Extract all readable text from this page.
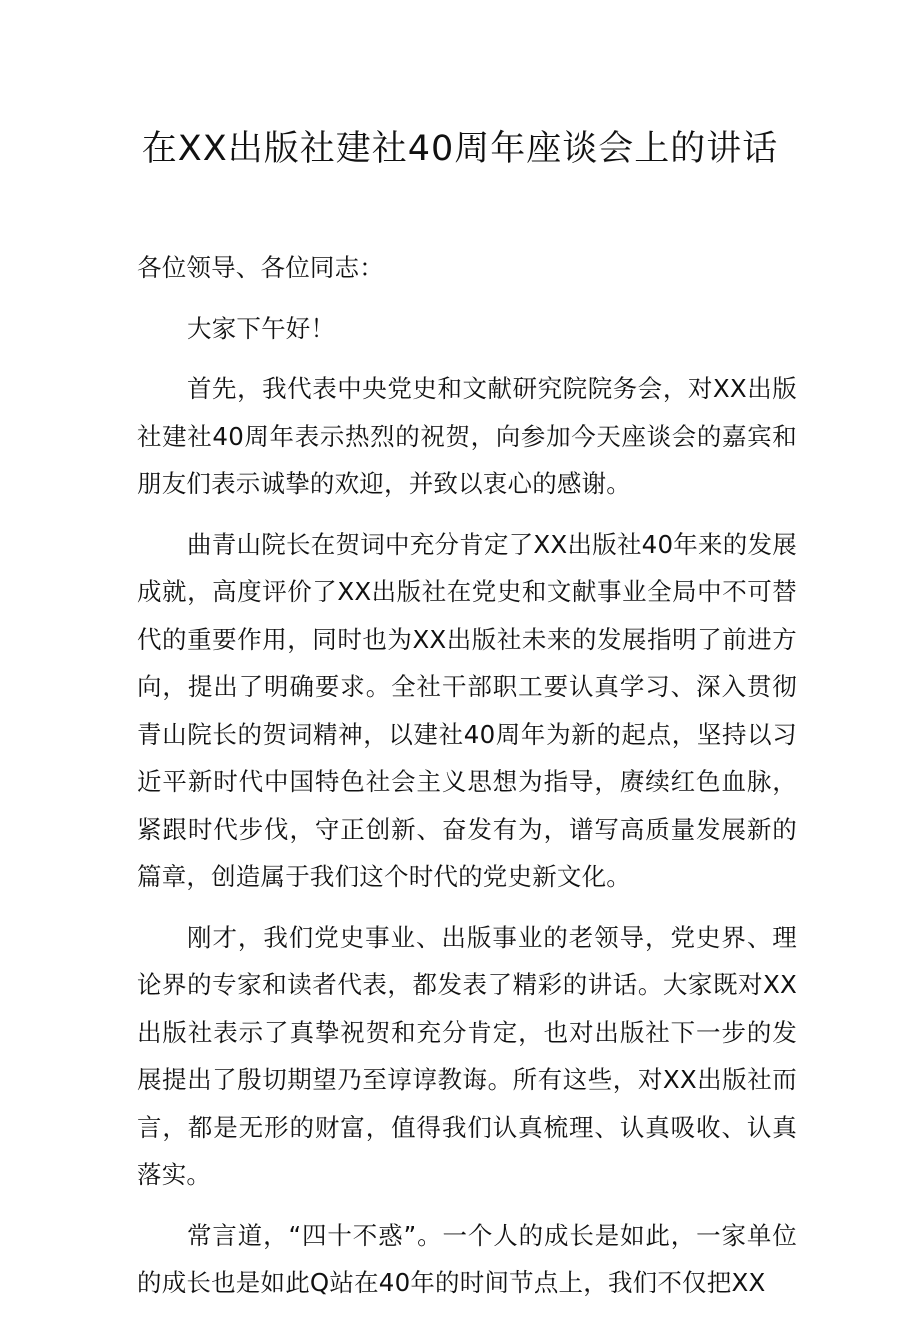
在XX出版社建社40周年座谈会上的讲话

各位领导、各位同志：

大家下午好！

首先，我代表中央党史和文献研究院院务会，对XX出版社建社40周年表示热烈的祝贺，向参加今天座谈会的嘉宾和朋友们表示诚挚的欢迎，并致以衷心的感谢。

曲青山院长在贺词中充分肯定了XX出版社40年来的发展成就，高度评价了XX出版社在党史和文献事业全局中不可替代的重要作用，同时也为XX出版社未来的发展指明了前进方向，提出了明确要求。全社干部职工要认真学习、深入贯彻青山院长的贺词精神，以建社40周年为新的起点，坚持以习近平新时代中国特色社会主义思想为指导，赓续红色血脉，紧跟时代步伐，守正创新、奋发有为，谱写高质量发展新的篇章，创造属于我们这个时代的党史新文化。

刚才，我们党史事业、出版事业的老领导，党史界、理论界的专家和读者代表，都发表了精彩的讲话。大家既对XX出版社表示了真挚祝贺和充分肯定，也对出版社下一步的发展提出了殷切期望乃至谆谆教诲。所有这些，对XX出版社而言，都是无形的财富，值得我们认真梳理、认真吸收、认真落实。

常言道，“四十不惑”。一个人的成长是如此，一家单位的成长也是如此Q站在40年的时间节点上，我们不仅把XX
